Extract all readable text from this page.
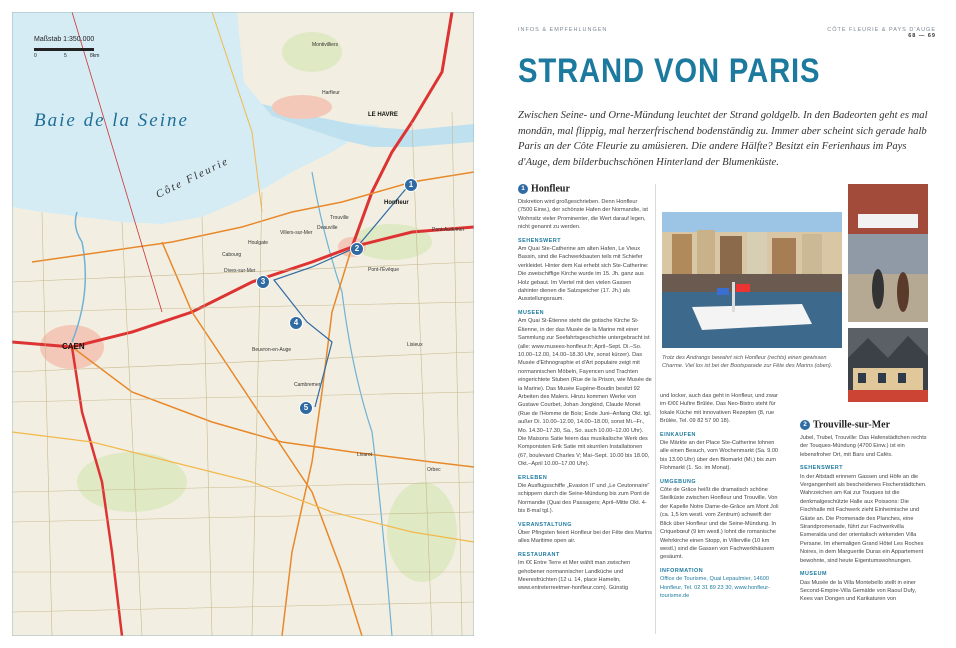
Maßstab 1:350.000
Baie de la Seine
Côte Fleurie	1
2
3
4
5
LE HAVRE
Honfleur
Deauville
Trouville
CAEN	Lisieux
Pont-l'Évêque
Cabourg
Houlgate
Dives-sur-Mer
Villers-sur-Mer
Beuvron-en-Auge
Cambremer
Livarot
Orbec
Pont-Audemer
Montivilliers
Harfleur
0	5	8km
INFOS & EMPFEHLUNGEN	CÔTE FLEURIE & PAYS D'AUGE
68 — 69
STRAND VON PARIS
Zwischen Seine- und Orne-Mündung leuchtet der Strand goldgelb. In den Badeorten geht es mal mondän, mal flippig, mal herzerfrischend bodenständig zu. Immer aber scheint sich gerade halb Paris an der Côte Fleurie zu amüsieren. Die andere Hälfte? Besitzt ein Ferienhaus im Pays d'Auge, dem bilderbuchschönen Hinterland der Blumenküste.
1 Honfleur

Diskretion wird großgeschrieben. Denn Honfleur (7500 Einw.), der schönste Hafen der Normandie, ist Wohnsitz vieler Prominenter, die Wert darauf legen, nicht genannt zu werden.

SEHENSWERT

Am Quai Ste-Catherine am alten Hafen, Le Vieux Bassin, sind die Fachwerkbauten teils mit Schiefer verkleidet. Hinter dem Kai erhebt sich Ste-Catherine: Die zweischiffige Kirche wurde im 15. Jh. ganz aus Holz gebaut. Im Viertel mit den vielen Gassen dahinter dienen die Salzspeicher (17. Jh.) als Ausstellungsraum.

MUSEEN

Am Quai St-Étienne steht die gotische Kirche St-Étienne, in der das Musée de la Marine mit einer Sammlung zur Seefahrtsgeschichte untergebracht ist (alle: www.musees-honfleur.fr; April–Sept. Di.–So. 10.00–12.00, 14.00–18.30 Uhr, sonst kürzer). Das Musée d'Ethnographie et d'Art populaire zeigt mit normannischen Möbeln, Fayencen und Trachten eingerichtete Stuben (Rue de la Prison, wie Musée de la Marine). Das Musée Eugène-Boudin besitzt 92 Arbeiten des Malers. Hinzu kommen Werke von Gustave Courbet, Johan Jongkind, Claude Monet (Rue de l'Homme de Bois; Ende Juni–Anfang Okt. tgl. außer Di. 10.00–12.00, 14.00–18.00, sonst Mi.–Fr., Mo. 14.30–17.30, Sa., So. auch 10.00–12.00 Uhr). Die Maisons Satie feiern das musikalische Werk des Komponisten Erik Satie mit skurrilen Installationen (67, boulevard Charles V; Mai–Sept. 10.00 bis 18.00, Okt.–April 10.00–17.00 Uhr).

ERLEBEN

Die Ausflugsschiffe „Evasion II“ und „Le Ceutonnaire“ schippern durch die Seine-Mündung bis zum Pont de Normandie (Quai des Passagers; April–Mitte Okt. 4- bis 8-mal tgl.).

VERANSTALTUNG

Über Pfingsten feiert Honfleur bei der Fête des Marins alles Maritime open air.

RESTAURANT

Im €€ Entre Terre et Mer wählt man zwischen gehobener normannischer Landküche und Meeresfrüchten (12 u. 14, place Hamelin, www.entreterreetmer-honfleur.com). Günstig

Trotz des Andrangs bewahrt sich Honfleur (rechts) einen gewissen Charme. Viel los ist bei der Bootsparade zur Fête des Marins (oben).

und locker, auch das geht in Honfleur, und zwar im €/€€ Huître Brûlée. Das Neo-Bistro steht für lokale Küche mit innovativen Rezepten (8, rue Brûlée, Tel. 09 82 57 90 18).

EINKAUFEN

Die Märkte an der Place Ste-Catherine lohnen alle einen Besuch, vom Wochenmarkt (Sa. 9.00 bis 13.00 Uhr) über den Biomarkt (Mi.) bis zum Flohmarkt (1. So. im Monat).

UMGEBUNG

Côte de Grâce heißt die dramatisch schöne Steilküste zwischen Honfleur und Trouville. Von der Kapelle Notre Dame-de-Grâce am Mont Joli (ca. 1,5 km westl. vom Zentrum) schweift der Blick über Honfleur und die Seine-Mündung. In Criquebœuf (9 km westl.) lohnt die romanische Wehrkirche einen Stopp, in Villerville (10 km westl.) sind die Gassen von Fachwerkhäusern gesäumt.

INFORMATION

Office de Tourisme, Quai Lepaulmier, 14600 Honfleur, Tel. 02 31 89 23 30, www.honfleur-tourisme.de

2 Trouville-sur-Mer

Jubel, Trubel, Trouville: Das Hafenstädtchen rechts der Touques-Mündung (4700 Einw.) ist ein lebensfroher Ort, mit Bars und Cafés.

SEHENSWERT

In der Altstadt erinnern Gassen und Höfe an die Vergangenheit als bescheidenes Fischerstädtchen. Wahrzeichen am Kai zur Touques ist die denkmalgeschützte Halle aux Poissons: Die Fischhalle mit Fachwerk zieht Einheimische und Gäste an. Die Promenade des Planches, eine Strandpromenade, führt zur Fachwerkvilla Esmeralda und der orientalisch wirkenden Villa Persane. Im ehemaligen Grand Hôtel Les Roches Noires, in dem Marguerite Duras ein Appartement bewohnte, sind heute Eigentumswohnungen.

MUSEUM

Das Musée de la Villa Montebello stellt in einer Second-Empire-Villa Gemälde von Raoul Dufy, Kees van Dongen und Karikaturen von
